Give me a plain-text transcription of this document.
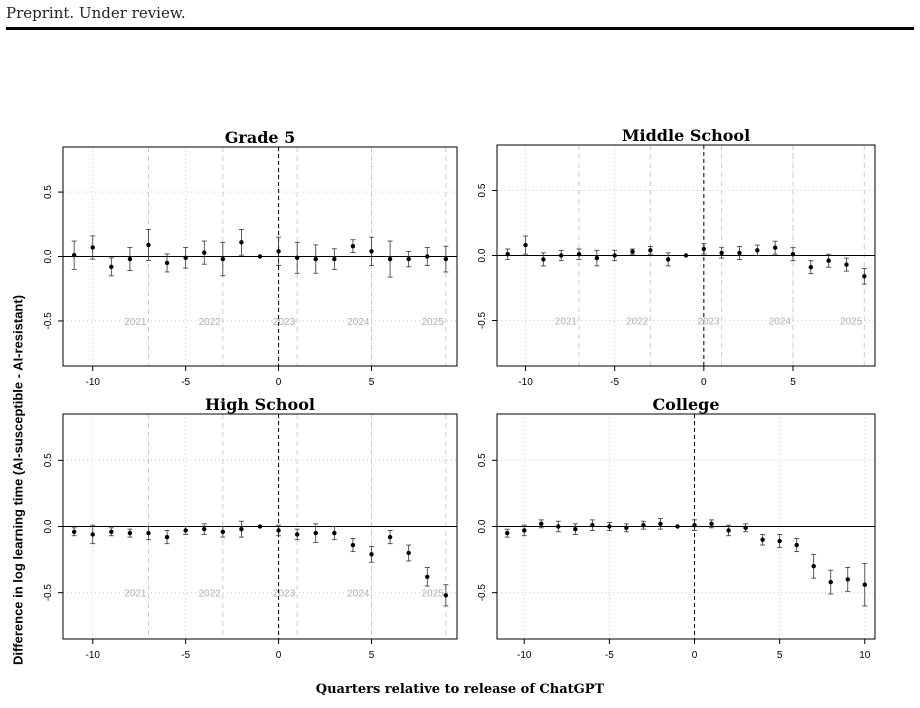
Preprint. Under review.
2021	2022	2023	2024	2025
Grade 5
-10	-5	0	5
-0.5
0.0
0.5
2021	2022	2023	2024	2025
Middle School
-10	-5	0	5
-0.5
0.0
0.5
2021	2022	2023	2024	2025
High School
-10	-5	0	5
-0.5
0.0
0.5
College
-10	-5	0	5	10
-0.5
0.0
0.5
Difference in log learning time (AI-susceptible - AI-resistant)
Quarters relative to release of ChatGPT
